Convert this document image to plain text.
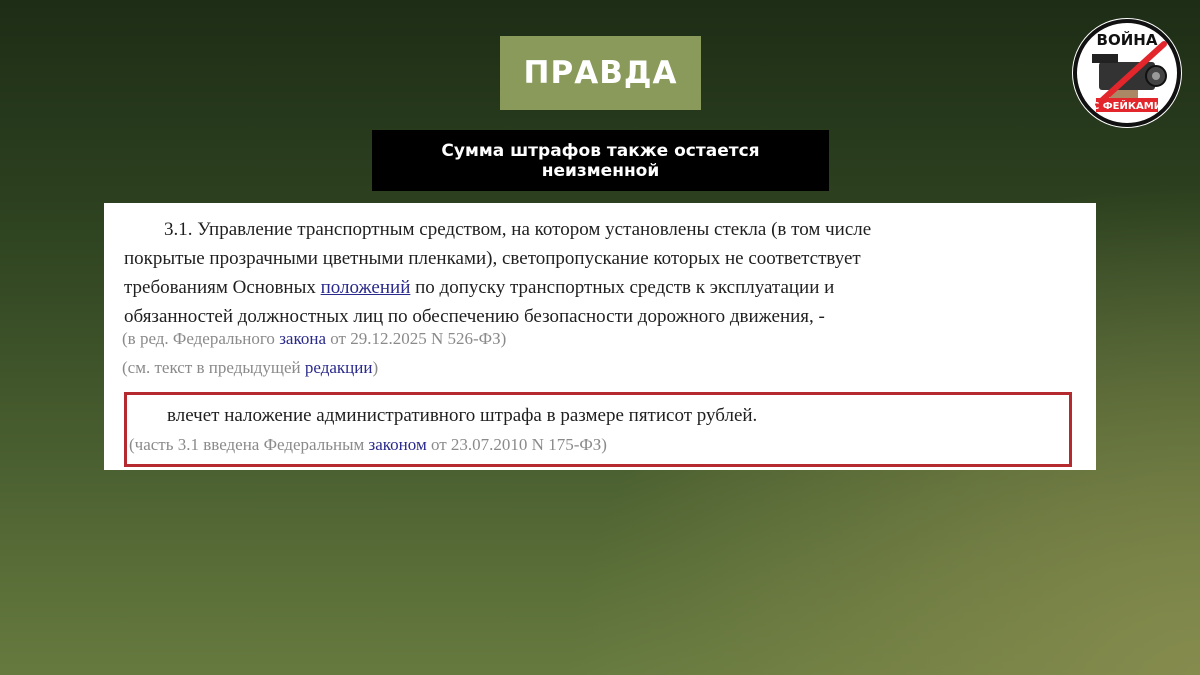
ПРАВДА
Сумма штрафов также остается
неизменной
3.1. Управление транспортным средством, на котором установлены стекла (в том числе
покрытые прозрачными цветными пленками), светопропускание которых не соответствует
требованиям Основных положений по допуску транспортных средств к эксплуатации и
обязанностей должностных лиц по обеспечению безопасности дорожного движения, -
(в ред. Федерального закона от 29.12.2025 N 526-ФЗ)
(см. текст в предыдущей редакции)
влечет наложение административного штрафа в размере пятисот рублей.
(часть 3.1 введена Федеральным законом от 23.07.2010 N 175-ФЗ)
ВОЙНА
С ФЕЙКАМИ
